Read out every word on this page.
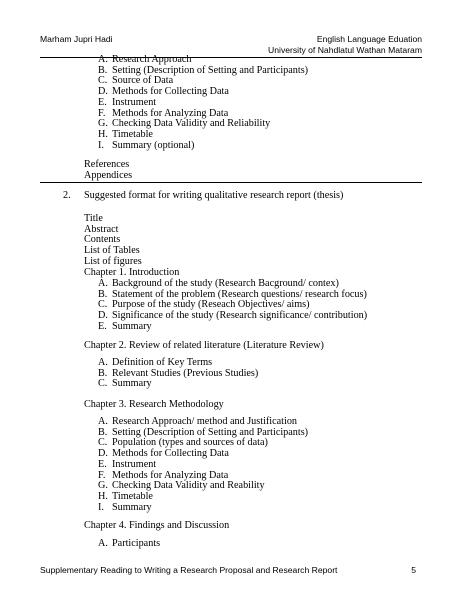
Marham Jupri Hadi	English Language Eduation
University of Nahdlatul Wathan Mataram
A. Research Approach
B. Setting (Description of Setting and Participants)
C. Source of Data
D. Methods for Collecting Data
E. Instrument
F. Methods for Analyzing Data
G. Checking Data Validity and Reliability
H. Timetable
I. Summary (optional)
References
Appendices
2. Suggested format for writing qualitative research report (thesis)
Title
Abstract
Contents
List of Tables
List of figures
Chapter 1. Introduction
A. Background of the study (Research Bacground/ contex)
B. Statement of the problem (Research questions/ research focus)
C. Purpose of the study (Reseach Objectives/ aims)
D. Significance of the study (Research significance/ contribution)
E. Summary
Chapter 2. Review of related literature (Literature Review)
A. Definition of Key Terms
B. Relevant Studies (Previous Studies)
C. Summary
Chapter 3. Research Methodology
A. Research Approach/ method and Justification
B. Setting (Description of Setting and Participants)
C. Population (types and sources of data)
D. Methods for Collecting Data
E. Instrument
F. Methods for Analyzing Data
G. Checking Data Validity and Reability
H. Timetable
I. Summary
Chapter 4. Findings and Discussion
A. Participants
Supplementary Reading to Writing a Research Proposal and Research Report	5
